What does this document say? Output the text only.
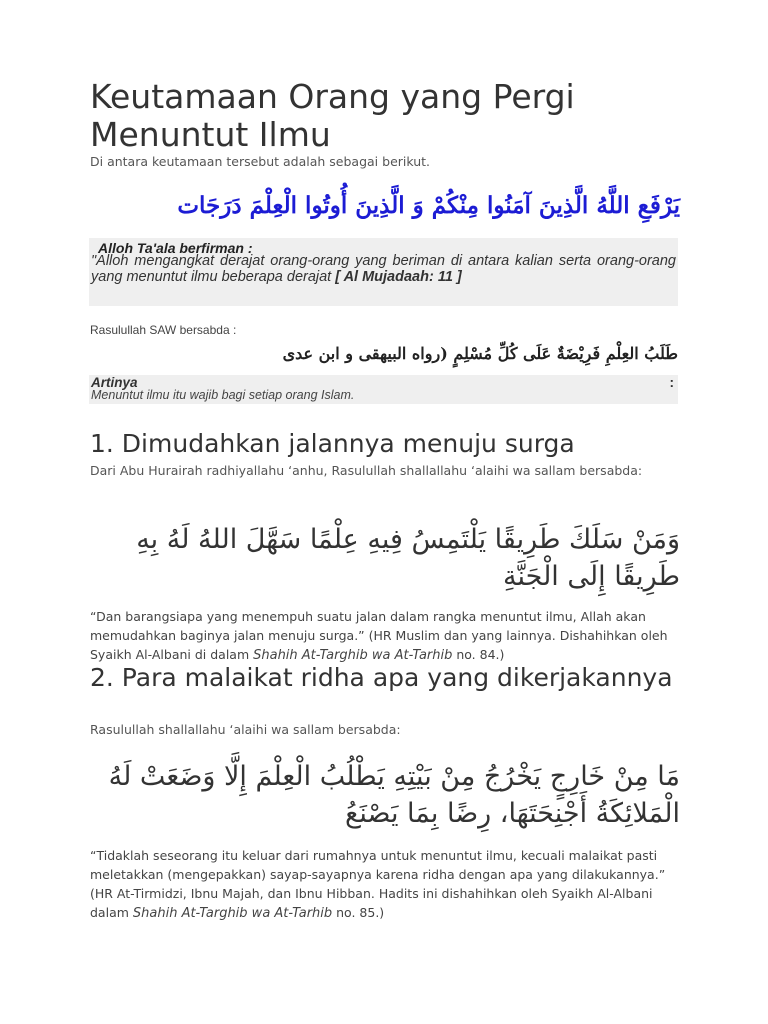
Keutamaan Orang yang Pergi Menuntut Ilmu
Di antara keutamaan tersebut adalah sebagai berikut.
يَرْفَعِ اللَّهُ الَّذِينَ آمَنُوا مِنْكُمْ وَ الَّذِينَ أُوتُوا الْعِلْمَ دَرَجَات
Alloh Ta'ala berfirman :
"Alloh mengangkat derajat orang-orang yang beriman di antara kalian serta orang-orang yang menuntut ilmu beberapa derajat [ Al Mujadaah: 11 ]
Rasulullah SAW bersabda :
طَلَبُ العِلْمِ فَرِيْضَةٌ عَلَى كُلِّ مُسْلِمٍ (رواه البيهقى و ابن عدى
Artinya	:
Menuntut ilmu itu wajib bagi setiap orang Islam.
1. Dimudahkan jalannya menuju surga
Dari Abu Hurairah radhiyallahu ‘anhu, Rasulullah shallallahu ‘alaihi wa sallam bersabda:
وَمَنْ سَلَكَ طَرِيقًا يَلْتَمِسُ فِيهِ عِلْمًا سَهَّلَ اللهُ لَهُ بِهِ طَرِيقًا إِلَى الْجَنَّةِ
“Dan barangsiapa yang menempuh suatu jalan dalam rangka menuntut ilmu, Allah akan memudahkan baginya jalan menuju surga.” (HR Muslim dan yang lainnya. Dishahihkan oleh Syaikh Al-Albani di dalam Shahih At-Targhib wa At-Tarhib no. 84.)
2. Para malaikat ridha apa yang dikerjakannya
Rasulullah shallallahu ‘alaihi wa sallam bersabda:
مَا مِنْ خَارِجٍ يَخْرُجُ مِنْ بَيْتِهِ يَطْلُبُ الْعِلْمَ إِلَّا وَضَعَتْ لَهُ الْمَلائِكَةُ أَجْنِحَتَهَا، رِضًا بِمَا يَصْنَعُ
“Tidaklah seseorang itu keluar dari rumahnya untuk menuntut ilmu, kecuali malaikat pasti meletakkan (mengepakkan) sayap-sayapnya karena ridha dengan apa yang dilakukannya.” (HR At-Tirmidzi, Ibnu Majah, dan Ibnu Hibban. Hadits ini dishahihkan oleh Syaikh Al-Albani dalam Shahih At-Targhib wa At-Tarhib no. 85.)
